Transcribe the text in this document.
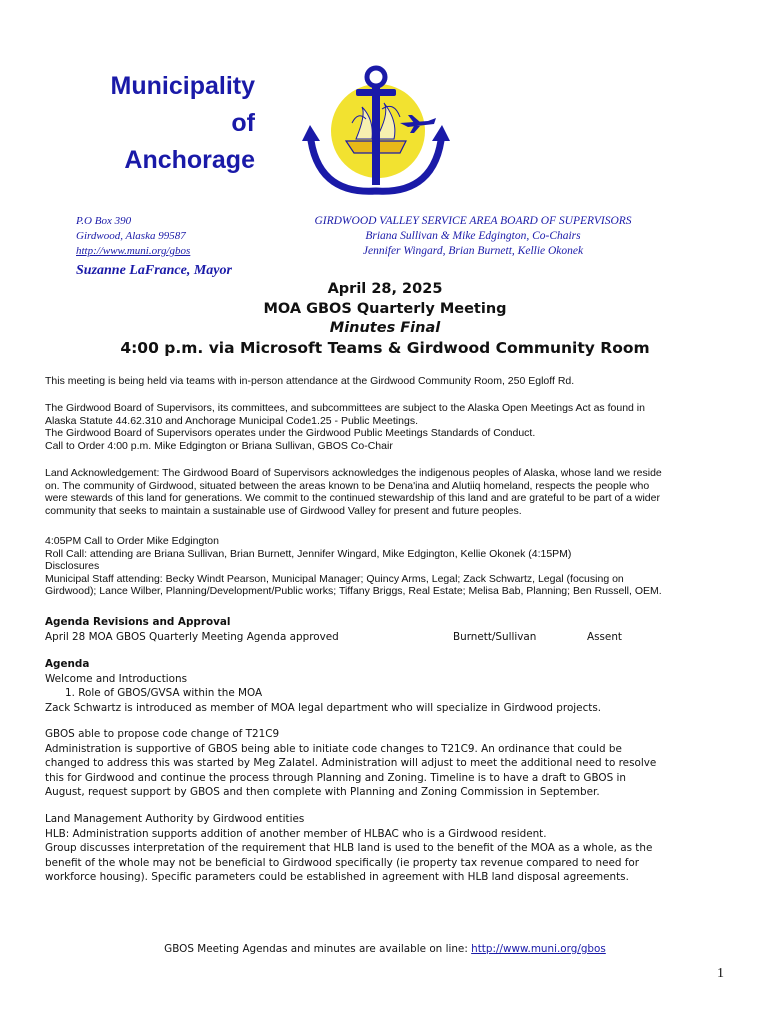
Municipality
of
Anchorage
P.O Box 390
Girdwood, Alaska 99587
http://www.muni.org/gbos
GIRDWOOD VALLEY SERVICE AREA BOARD OF SUPERVISORS
Briana Sullivan & Mike Edgington, Co-Chairs
Jennifer Wingard, Brian Burnett, Kellie Okonek
Suzanne LaFrance, Mayor
April 28, 2025
MOA GBOS Quarterly Meeting
Minutes Final
4:00 p.m. via Microsoft Teams & Girdwood Community Room
This meeting is being held via teams with in-person attendance at the Girdwood Community Room, 250 Egloff Rd.
The Girdwood Board of Supervisors, its committees, and subcommittees are subject to the Alaska Open Meetings Act as found in
Alaska Statute 44.62.310 and Anchorage Municipal Code1.25 - Public Meetings.
The Girdwood Board of Supervisors operates under the Girdwood Public Meetings Standards of Conduct.
Call to Order 4:00 p.m. Mike Edgington or Briana Sullivan, GBOS Co-Chair
Land Acknowledgement: The Girdwood Board of Supervisors acknowledges the indigenous peoples of Alaska, whose land we reside
on. The community of Girdwood, situated between the areas known to be Dena'ina and Alutiiq homeland, respects the people who
were stewards of this land for generations. We commit to the continued stewardship of this land and are grateful to be part of a wider
community that seeks to maintain a sustainable use of Girdwood Valley for present and future peoples.
4:05PM Call to Order Mike Edgington
Roll Call: attending are Briana Sullivan, Brian Burnett, Jennifer Wingard, Mike Edgington, Kellie Okonek (4:15PM)
Disclosures
Municipal Staff attending: Becky Windt Pearson, Municipal Manager; Quincy Arms, Legal; Zack Schwartz, Legal (focusing on
Girdwood); Lance Wilber, Planning/Development/Public works; Tiffany Briggs, Real Estate; Melisa Bab, Planning; Ben Russell, OEM.
Agenda Revisions and Approval
April 28 MOA GBOS Quarterly Meeting Agenda approved	Burnett/Sullivan	Assent
Agenda
Welcome and Introductions
1. Role of GBOS/GVSA within the MOA
Zack Schwartz is introduced as member of MOA legal department who will specialize in Girdwood projects.
GBOS able to propose code change of T21C9
Administration is supportive of GBOS being able to initiate code changes to T21C9. An ordinance that could be
changed to address this was started by Meg Zalatel. Administration will adjust to meet the additional need to resolve
this for Girdwood and continue the process through Planning and Zoning. Timeline is to have a draft to GBOS in
August, request support by GBOS and then complete with Planning and Zoning Commission in September.
Land Management Authority by Girdwood entities
HLB: Administration supports addition of another member of HLBAC who is a Girdwood resident.
Group discusses interpretation of the requirement that HLB land is used to the benefit of the MOA as a whole, as the
benefit of the whole may not be beneficial to Girdwood specifically (ie property tax revenue compared to need for
workforce housing). Specific parameters could be established in agreement with HLB land disposal agreements.
GBOS Meeting Agendas and minutes are available on line: http://www.muni.org/gbos
1
